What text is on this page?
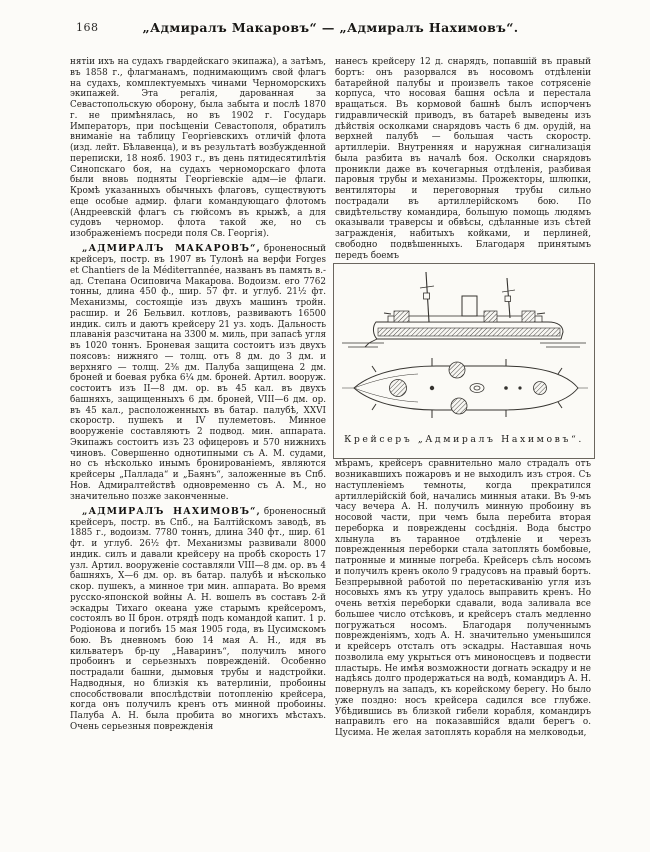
168	„Адмиралъ Макаровъ“ — „Адмиралъ Нахимовъ“.

нятіи ихъ на судахъ гвардейскаго экипажа), а затѣмъ, въ 1858 г., флагманамъ, поднимающимъ свой флагъ на судахъ, комплектуемыхъ чинами Черноморскихъ экипажей. Эта регалія, дарованная за Севастопольскую оборону, была забыта и послѣ 1870 г. не примѣнялась, но въ 1902 г. Государь Императоръ, при посѣщеніи Севастополя, обратилъ вниманіе на таблицу Георгіевскихъ отличій флота (изд. лейт. Бѣлавенца), и въ результатѣ возбужденной переписки, 18 нояб. 1903 г., въ день пятидесятилѣтія Синопскаго боя, на судахъ черноморскаго флота были вновь подняты Георгіевскіе адм—іе флаги. Кромѣ указанныхъ обычныхъ флаговъ, существуютъ еще особые адмир. флаги командующаго флотомъ (Андреевскій флагъ съ гюйсомъ въ крыжѣ, а для судовъ черномор. флота такой же, но съ изображеніемъ посреди поля Св. Георгія).

„АДМИРАЛЪ МАКАРОВЪ“, броненосный крейсеръ, постр. въ 1907 въ Тулонѣ на верфи Forges et Chantiers de la Méditerrannée, названъ въ память в.-ад. Степана Осиповича Макарова. Водоизм. его 7762 тонны, длина 450 ф., шир. 57 фт. и углуб. 21½ фт. Механизмы, состоящіе изъ двухъ машинъ тройн. расшир. и 26 Бельвил. котловъ, развиваютъ 16500 индик. силъ и даютъ крейсеру 21 уз. ходъ. Дальность плаванія разсчитана на 3300 м. миль, при запасѣ угля въ 1020 тоннъ. Броневая защита состоитъ изъ двухъ поясовъ: нижняго — толщ. отъ 8 дм. до 3 дм. и верхняго — толщ. 2⅜ дм. Палуба защищена 2 дм. броней и боевая рубка 6¼ дм. броней. Артил. вооруж. состоитъ изъ II—8 дм. ор. въ 45 кал. въ двухъ башняхъ, защищенныхъ 6 дм. броней, VIII—6 дм. ор. въ 45 кал., расположенныхъ въ батар. палубѣ, XXVI скоростр. пушекъ и IV пулеметовъ. Минное вооруженіе составляютъ 2 подвод. мин. аппарата. Экипажъ состоитъ изъ 23 офицеровъ и 570 нижнихъ чиновъ. Совершенно однотипными съ А. М. судами, но съ нѣсколько инымъ бронированіемъ, являются крейсеры „Паллада“ и „Баянъ“, заложенные въ Спб. Нов. Адмиралтействѣ одновременно съ А. М., но значительно позже законченные.

„АДМИРАЛЪ НАХИМОВЪ“, броненосный крейсеръ, постр. въ Спб., на Балтійскомъ заводѣ, въ 1885 г., водоизм. 7780 тоннъ, длина 340 фт., шир. 61 фт. и углуб. 26½ фт. Механизмы развивали 8000 индик. силъ и давали крейсеру на пробѣ скорость 17 узл. Артил. вооруженіе составляли VIII—8 дм. ор. въ 4 башняхъ, X—6 дм. ор. въ батар. палубѣ и нѣсколько скор. пушекъ, а минное три мин. аппарата. Во время русско-японской войны А. Н. вошелъ въ составъ 2-й эскадры Тихаго океана уже старымъ крейсеромъ, состоялъ во II брон. отрядѣ подъ командой капит. 1 р. Родіонова и погибъ 15 мая 1905 года, въ Цусимскомъ бою. Въ дневномъ бою 14 мая А. Н., идя въ кильватеръ бр-цу „Наваринъ“, получилъ много пробоинъ и серьезныхъ поврежденій. Особенно пострадали башни, дымовыя трубы и надстройки. Надводныя, но близкія къ ватерлиніи, пробоины способствовали впослѣдствіи потопленію крейсера, когда онъ получилъ кренъ отъ минной пробоины. Палуба А. Н. была пробита во многихъ мѣстахъ. Очень серьезныя поврежденія

нанесъ крейсеру 12 д. снарядъ, попавшій въ правый бортъ: онъ разорвался въ носовомъ отдѣленіи батарейной палубы и произвелъ такое сотрясеніе корпуса, что носовая башня осѣла и перестала вращаться. Въ кормовой башнѣ былъ испорченъ гидравлическій приводъ, въ батареѣ выведены изъ дѣйствія осколками снарядовъ часть 6 дм. орудій, на верхней палубѣ — большая часть скоростр. артиллеріи. Внутренняя и наружная сигнализація была разбита въ началѣ боя. Осколки снарядовъ проникли даже въ кочегарныя отдѣленія, разбивая паровыя трубы и механизмы. Прожекторы, шлюпки, вентиляторы и переговорныя трубы сильно пострадали въ артиллерійскомъ бою. По свидѣтельству командира, большую помощь людямъ оказывали траверсы и обвѣсы, сдѣланные изъ сѣтей загражденія, набитыхъ койками, и перлиней, свободно подвѣшенныхъ. Благодаря принятымъ передъ боемъ

Крейсеръ „Адмиралъ Нахимовъ“.

мѣрамъ, крейсеръ сравнительно мало страдалъ отъ возникавшихъ пожаровъ и не выходилъ изъ строя. Съ наступленіемъ темноты, когда прекратился артиллерійскій бой, начались минныя атаки. Въ 9-мъ часу вечера А. Н. получилъ минную пробоину въ носовой части, при чемъ была перебита вторая переборка и повреждены сосѣднія. Вода быстро хлынула въ таранное отдѣленіе и черезъ поврежденныя переборки стала затоплять бомбовые, патронные и минные погреба. Крейсеръ сѣлъ носомъ и получилъ кренъ около 9 градусовъ на правый бортъ. Безпрерывной работой по перетаскиванію угля изъ носовыхъ ямъ къ утру удалось выправить кренъ. Но очень ветхія переборки сдавали, вода заливала все большее число отсѣковъ, и крейсеръ сталъ медленно погружаться носомъ. Благодаря полученнымъ поврежденіямъ, ходъ А. Н. значительно уменьшился и крейсеръ отсталъ отъ эскадры. Наставшая ночь позволила ему укрыться отъ миноносцевъ и подвести пластырь. Не имѣя возможности догнать эскадру и не надѣясь долго продержаться на водѣ, командиръ А. Н. повернулъ на западъ, къ корейскому берегу. Но было уже поздно: носъ крейсера садился все глубже. Убѣдившись въ близкой гибели корабля, командиръ направилъ его на показавшійся вдали берегъ о. Цусима. Не желая затоплять корабля на мелководьи,
